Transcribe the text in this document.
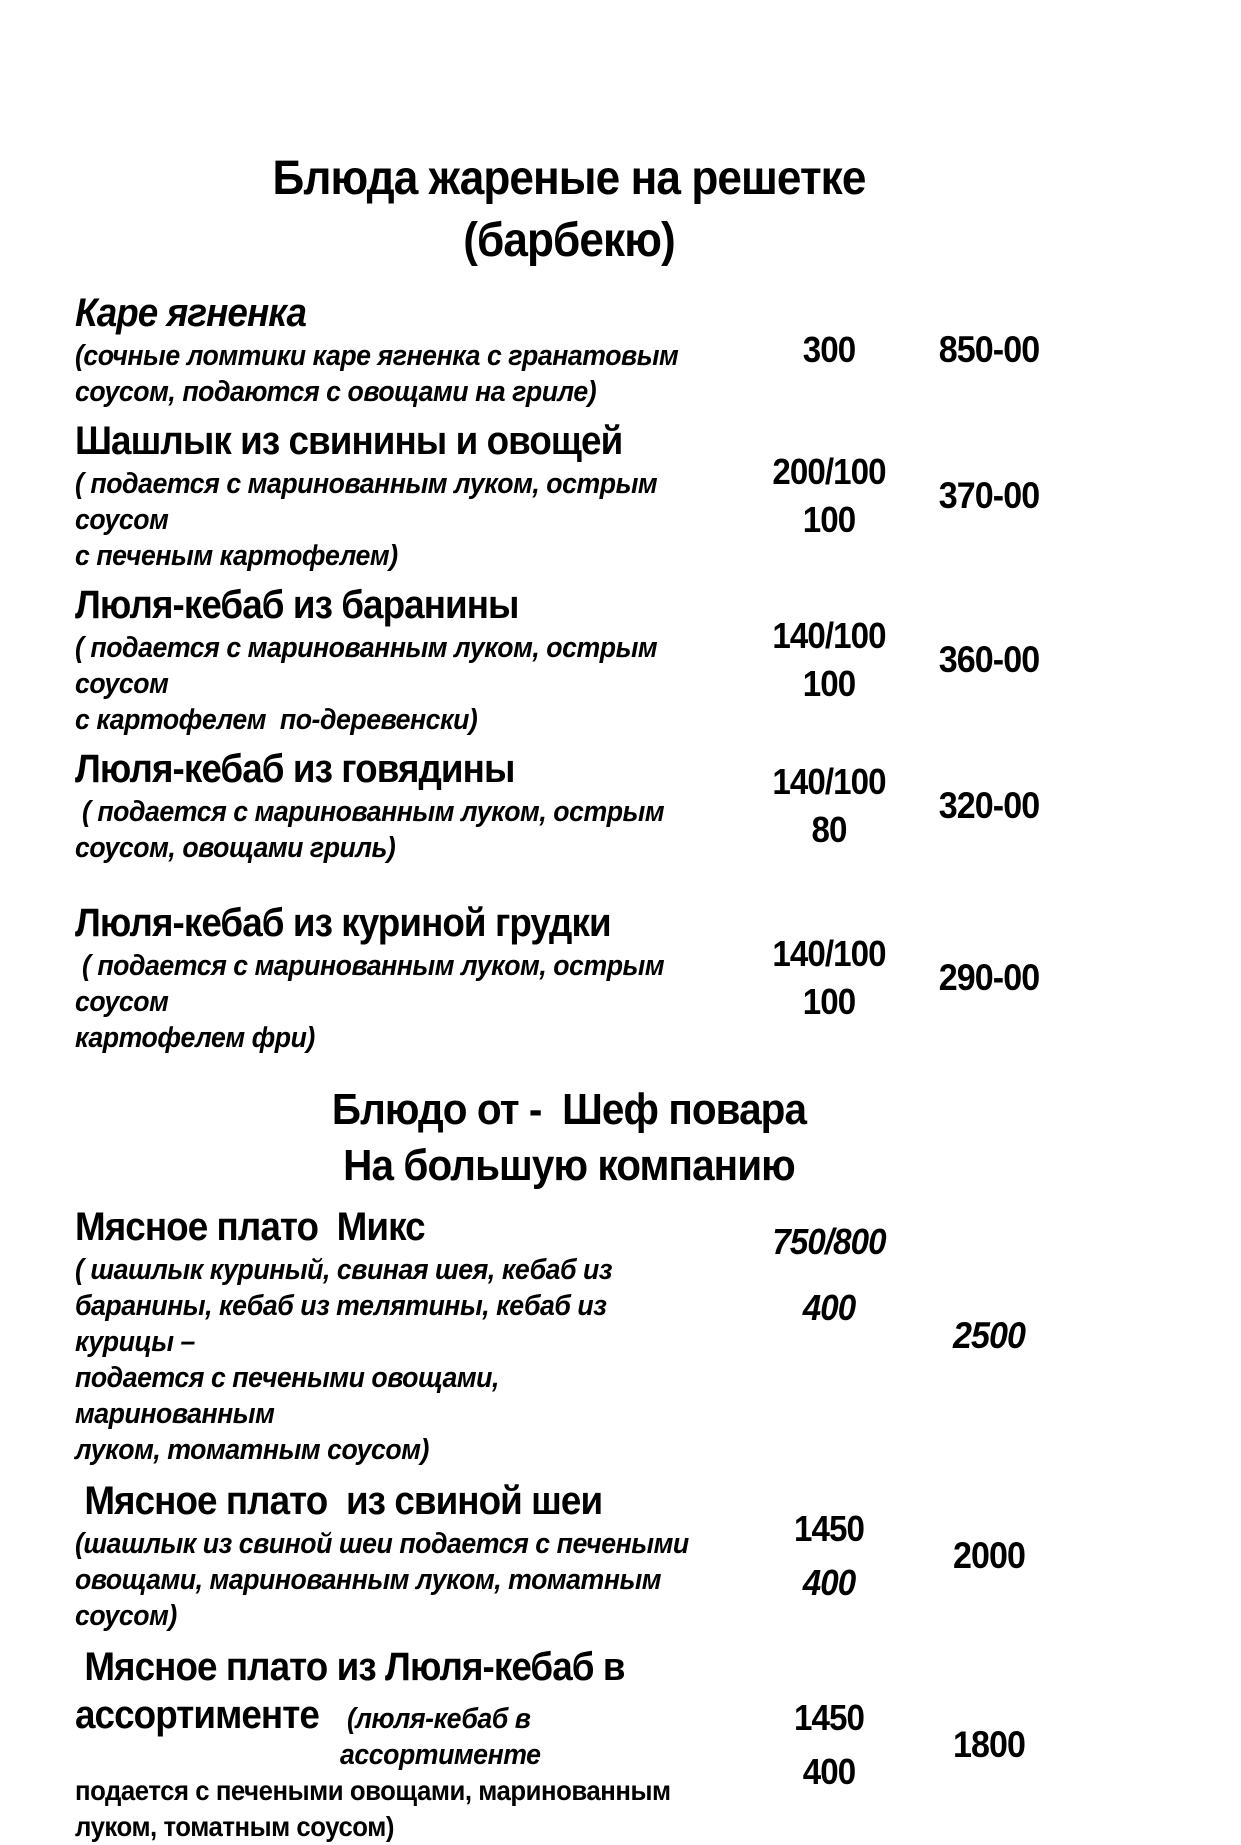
Блюда жареные на решетке
(барбекю)
Каре ягненка
(сочные ломтики каре ягненка с гранатовым
соусом, подаются с овощами на гриле)
300	850-00
Шашлык из свинины и овощей
( подается с маринованным луком, острым соусом
с печеным картофелем)
200/100
100
370-00
Люля-кебаб из баранины
( подается с маринованным луком, острым соусом
с картофелем  по-деревенски)
140/100
100
360-00
Люля-кебаб из говядины
( подается с маринованным луком, острым
соусом, овощами гриль)
140/100
80
320-00
Люля-кебаб из куриной грудки
( подается с маринованным луком, острым соусом
картофелем фри)
140/100
100
290-00
Блюдо от -  Шеф повара
На большую компанию
Мясное плато  Микс
( шашлык куриный, свиная шея, кебаб из
баранины, кебаб из телятины, кебаб из курицы –
подается с печеными овощами, маринованным
луком, томатным соусом)
750/800
400
2500
Мясное плато  из свиной шеи
(шашлык из свиной шеи подается с печеными
овощами, маринованным луком, томатным
соусом)
1450
400
2000
Мясное плато из Люля-кебаб в
ассортименте (люля-кебаб в ассортименте
подается с печеными овощами, маринованным
луком, томатным соусом)
1450
400
1800
